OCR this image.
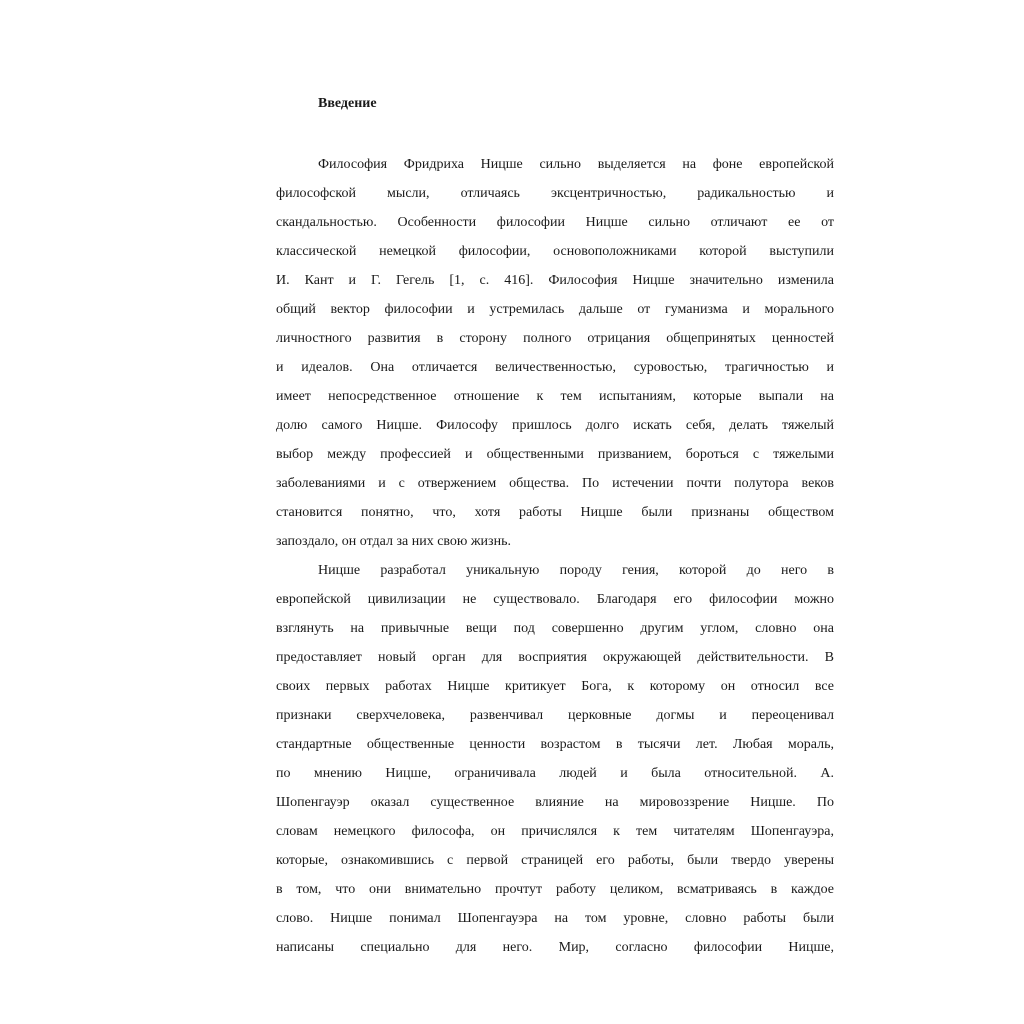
Введение
Философия Фридриха Ницше сильно выделяется на фоне европейской
философской мысли, отличаясь эксцентричностью, радикальностью и
скандальностью. Особенности философии Ницше сильно отличают ее от
классической немецкой философии, основоположниками которой выступили
И. Кант и Г. Гегель [1, с. 416]. Философия Ницше значительно изменила
общий вектор философии и устремилась дальше от гуманизма и морального
личностного развития в сторону полного отрицания общепринятых ценностей
и идеалов. Она отличается величественностью, суровостью, трагичностью и
имеет непосредственное отношение к тем испытаниям, которые выпали на
долю самого Ницше. Философу пришлось долго искать себя, делать тяжелый
выбор между профессией и общественными призванием, бороться с тяжелыми
заболеваниями и с отвержением общества. По истечении почти полутора веков
становится понятно, что, хотя работы Ницше были признаны обществом
запоздало, он отдал за них свою жизнь.
Ницше разработал уникальную породу гения, которой до него в
европейской цивилизации не существовало. Благодаря его философии можно
взглянуть на привычные вещи под совершенно другим углом, словно она
предоставляет новый орган для восприятия окружающей действительности. В
своих первых работах Ницше критикует Бога, к которому он относил все
признаки сверхчеловека, развенчивал церковные догмы и переоценивал
стандартные общественные ценности возрастом в тысячи лет. Любая мораль,
по мнению Ницше, ограничивала людей и была относительной. А.
Шопенгауэр оказал существенное влияние на мировоззрение Ницше. По
словам немецкого философа, он причислялся к тем читателям Шопенгауэра,
которые, ознакомившись с первой страницей его работы, были твердо уверены
в том, что они внимательно прочтут работу целиком, всматриваясь в каждое
слово. Ницше понимал Шопенгауэра на том уровне, словно работы были
написаны специально для него. Мир, согласно философии Ницше,
